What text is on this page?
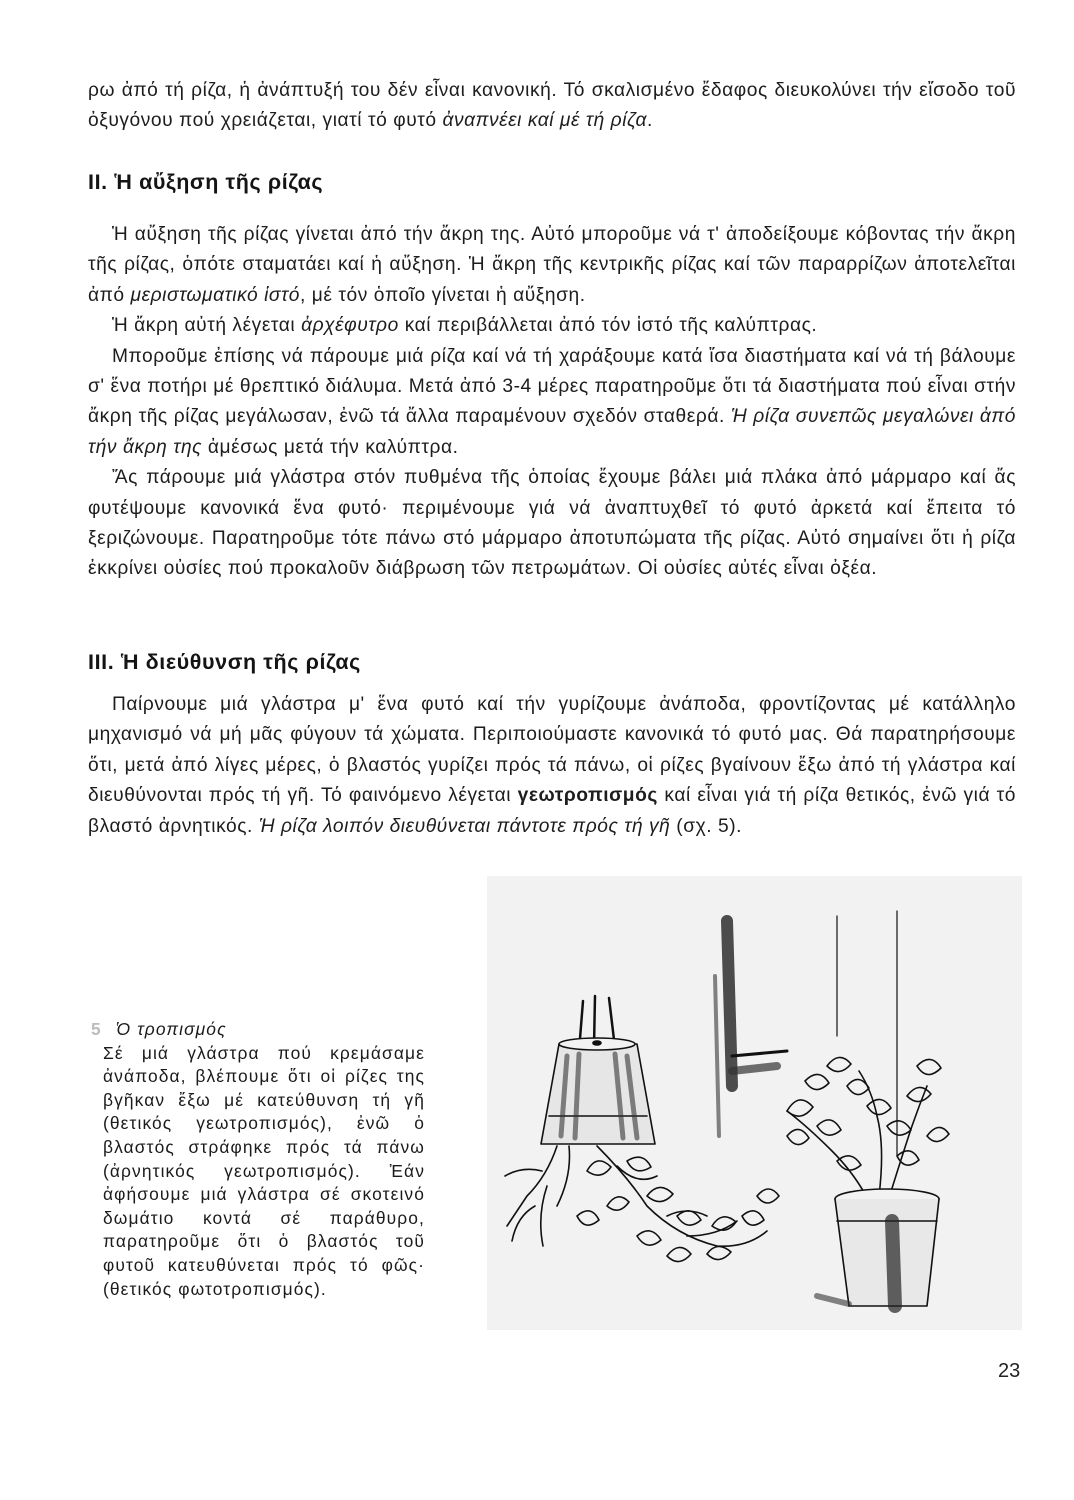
ρω ἀπό τή ρίζα, ἡ ἀνάπτυξή του δέν εἶναι κανονική. Τό σκαλισμένο ἔδαφος διευκολύνει τήν εἴσοδο τοῦ ὀξυγόνου πού χρειάζεται, γιατί τό φυτό ἀναπνέει καί μέ τή ρίζα.

II. Ἡ αὔξηση τῆς ρίζας

Ἡ αὔξηση τῆς ρίζας γίνεται ἀπό τήν ἄκρη της. Αὐτό μποροῦμε νά τ' ἀποδείξουμε κόβοντας τήν ἄκρη τῆς ρίζας, ὁπότε σταματάει καί ἡ αὔξηση. Ἡ ἄκρη τῆς κεντρικῆς ρίζας καί τῶν παραρρίζων ἀποτελεῖται ἀπό μεριστωματικό ἱστό, μέ τόν ὁποῖο γίνεται ἡ αὔξηση.

Ἡ ἄκρη αὐτή λέγεται ἀρχέφυτρο καί περιβάλλεται ἀπό τόν ἱστό τῆς καλύπτρας.

Μποροῦμε ἐπίσης νά πάρουμε μιά ρίζα καί νά τή χαράξουμε κατά ἴσα διαστήματα καί νά τή βάλουμε σ' ἕνα ποτήρι μέ θρεπτικό διάλυμα. Μετά ἀπό 3-4 μέρες παρατηροῦμε ὅτι τά διαστήματα πού εἶναι στήν ἄκρη τῆς ρίζας μεγάλωσαν, ἐνῶ τά ἄλλα παραμένουν σχεδόν σταθερά. Ἡ ρίζα συνεπῶς μεγαλώνει ἀπό τήν ἄκρη της ἀμέσως μετά τήν καλύπτρα.

Ἄς πάρουμε μιά γλάστρα στόν πυθμένα τῆς ὁποίας ἔχουμε βάλει μιά πλάκα ἀπό μάρμαρο καί ἄς φυτέψουμε κανονικά ἕνα φυτό· περιμένουμε γιά νά ἀναπτυχθεῖ τό φυτό ἀρκετά καί ἔπειτα τό ξεριζώνουμε. Παρατηροῦμε τότε πάνω στό μάρμαρο ἀποτυπώματα τῆς ρίζας. Αὐτό σημαίνει ὅτι ἡ ρίζα ἐκκρίνει οὐσίες πού προκαλοῦν διάβρωση τῶν πετρωμάτων. Οἱ οὐσίες αὐτές εἶναι ὀξέα.

III. Ἡ διεύθυνση τῆς ρίζας

Παίρνουμε μιά γλάστρα μ' ἕνα φυτό καί τήν γυρίζουμε ἀνάποδα, φροντίζοντας μέ κατάλληλο μηχανισμό νά μή μᾶς φύγουν τά χώματα. Περιποιούμαστε κανονικά τό φυτό μας. Θά παρατηρήσουμε ὅτι, μετά ἀπό λίγες μέρες, ὁ βλαστός γυρίζει πρός τά πάνω, οἱ ρίζες βγαίνουν ἔξω ἀπό τή γλάστρα καί διευθύνονται πρός τή γῆ. Τό φαινόμενο λέγεται γεωτροπισμός καί εἶναι γιά τή ρίζα θετικός, ἐνῶ γιά τό βλαστό ἀρνητικός. Ἡ ρίζα λοιπόν διευθύνεται πάντοτε πρός τή γῆ (σχ. 5).

5 Ὁ τροπισμός
Σέ μιά γλάστρα πού κρεμάσαμε ἀνάποδα, βλέπουμε ὅτι οἱ ρίζες της βγῆκαν ἔξω μέ κατεύθυνση τή γῆ (θετικός γεωτροπισμός), ἐνῶ ὁ βλαστός στράφηκε πρός τά πάνω (ἀρνητικός γεωτροπισμός). Ἐάν ἀφήσουμε μιά γλάστρα σέ σκοτεινό δωμάτιο κοντά σέ παράθυρο, παρατηροῦμε ὅτι ὁ βλαστός τοῦ φυτοῦ κατευθύνεται πρός τό φῶς· (θετικός φωτοτροπισμός).
23
